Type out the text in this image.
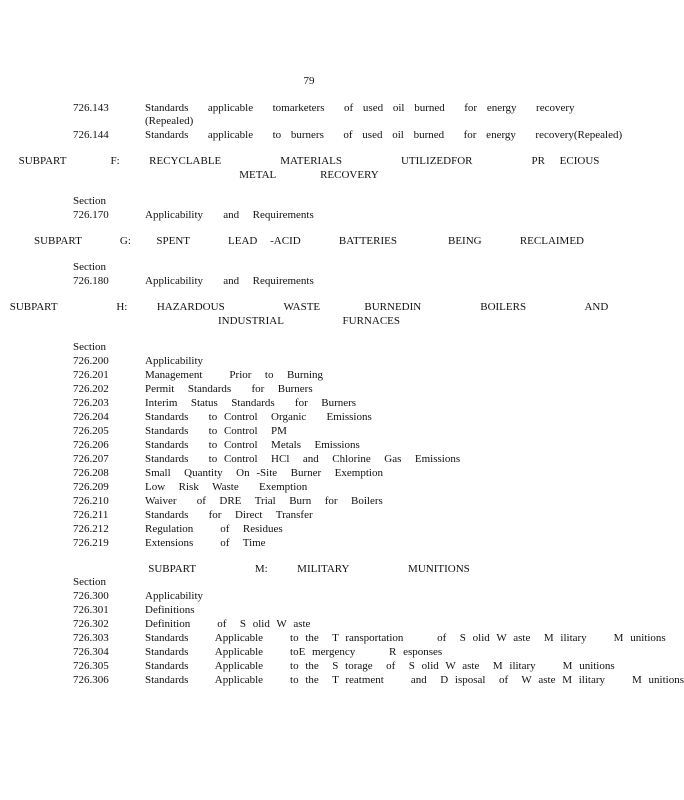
79
726.143	Standards  applicable  tomarketers  of used oil burned  for energy  recovery
(Repealed)
726.144	Standards  applicable  to burners  of used oil burned  for energy  recovery(Repealed)
SUBPART   F:  RECYCLABLE    MATERIALS    UTILIZEDFOR    PR ECIOUS
METAL   RECOVERY
Section
726.170	Applicability   and  Requirements
SUBPART   G:  SPENT   LEAD -ACID   BATTERIES    BEING   RECLAIMED
Section
726.180	Applicability   and  Requirements
SUBPART    H:  HAZARDOUS    WASTE   BURNEDIN    BOILERS    AND
INDUSTRIAL    FURNACES
Section
726.200	Applicability
726.201	Management    Prior  to  Burning
726.202	Permit  Standards   for  Burners
726.203	Interim  Status  Standards   for  Burners
726.204	Standards   to Control  Organic   Emissions
726.205	Standards   to Control  PM
726.206	Standards   to Control  Metals  Emissions
726.207	Standards   to Control  HCl  and  Chlorine  Gas  Emissions
726.208	Small  Quantity  On -Site  Burner  Exemption
726.209	Low  Risk  Waste   Exemption
726.210	Waiver   of  DRE  Trial  Burn  for  Boilers
726.211	Standards   for  Direct  Transfer
726.212	Regulation    of  Residues
726.219	Extensions    of  Time
SUBPART    M:  MILITARY    MUNITIONS
Section
726.300	Applicability
726.301	Definitions
726.302	Definition    of  S olid W aste
726.303	Standards    Applicable    to the  T ransportation     of  S olid W aste  M ilitary    M unitions
726.304	Standards    Applicable    toE mergency     R esponses
726.305	Standards    Applicable    to the  S torage  of  S olid W aste  M ilitary    M unitions
726.306	Standards    Applicable    to the  T reatment    and  D isposal  of  W aste M ilitary    M unitions
